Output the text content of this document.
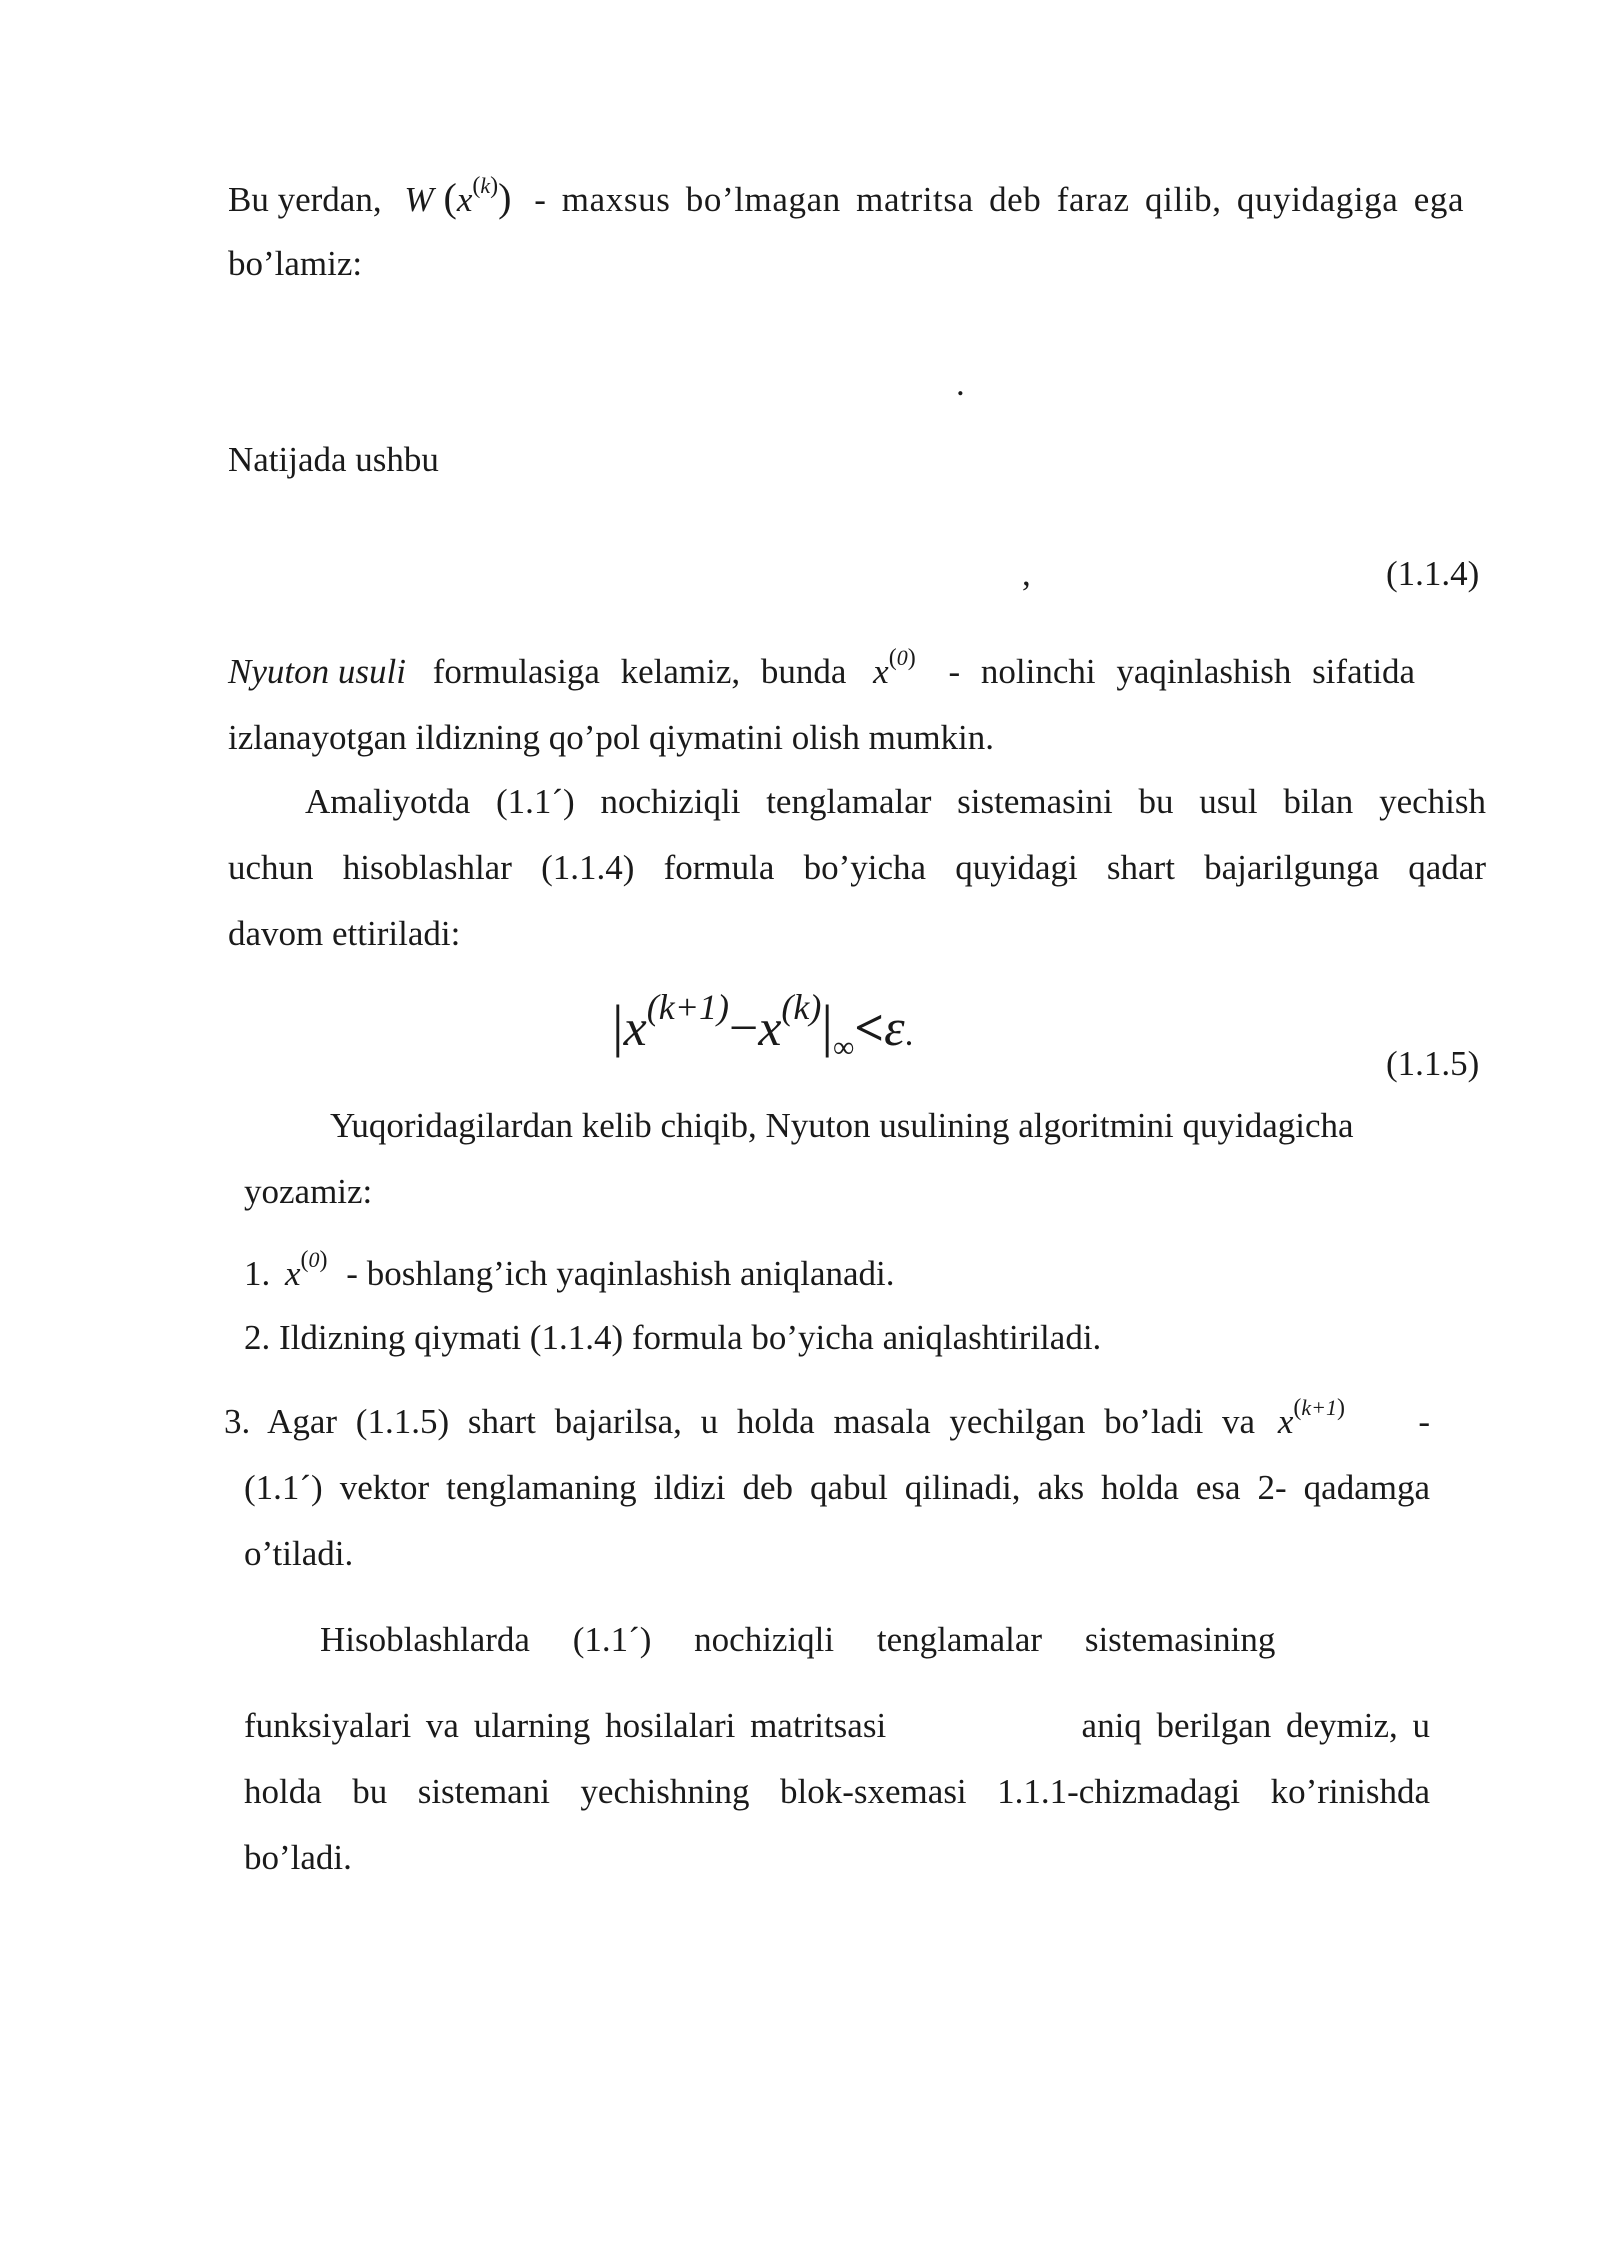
Bu yerdan, W $(x^{(k)})$ - maxsus bo’lmagan matritsa deb faraz qilib, quyidagiga ega
bo’lamiz:
.
Natijada ushbu
,	(1.1.4)
Nyuton usuli formulasiga kelamiz, bunda $x^{(0)}$ - nolinchi yaqinlashish sifatida
izlanayotgan ildizning qo’pol qiymatini olish mumkin.
Amaliyotda (1.1´) nochiziqli tenglamalar sistemasini bu usul bilan yechish
uchun hisoblashlar (1.1.4) formula bo’yicha quyidagi shart bajarilgunga qadar
davom ettiriladi:
$|x^{(k+1)}-x^{(k)}|_\infty<\varepsilon$.
(1.1.5)
Yuqoridagilardan kelib chiqib, Nyuton usulining algoritmini quyidagicha
yozamiz:
1. $x^{(0)}$ - boshlang’ich yaqinlashish aniqlanadi.
2. Ildizning qiymati (1.1.4) formula bo’yicha aniqlashtiriladi.
3. Agar (1.1.5) shart bajarilsa, u holda masala yechilgan bo’ladi va $x^{(k+1)}$ -
(1.1´) vektor tenglamaning ildizi deb qabul qilinadi, aks holda esa 2- qadamga
o’tiladi.
Hisoblashlarda (1.1´) nochiziqli tenglamalar sistemasining
funksiyalari va ularning hosilalari matritsasi	aniq berilgan deymiz, u
holda bu sistemani yechishning blok-sxemasi 1.1.1-chizmadagi ko’rinishda
bo’ladi.
